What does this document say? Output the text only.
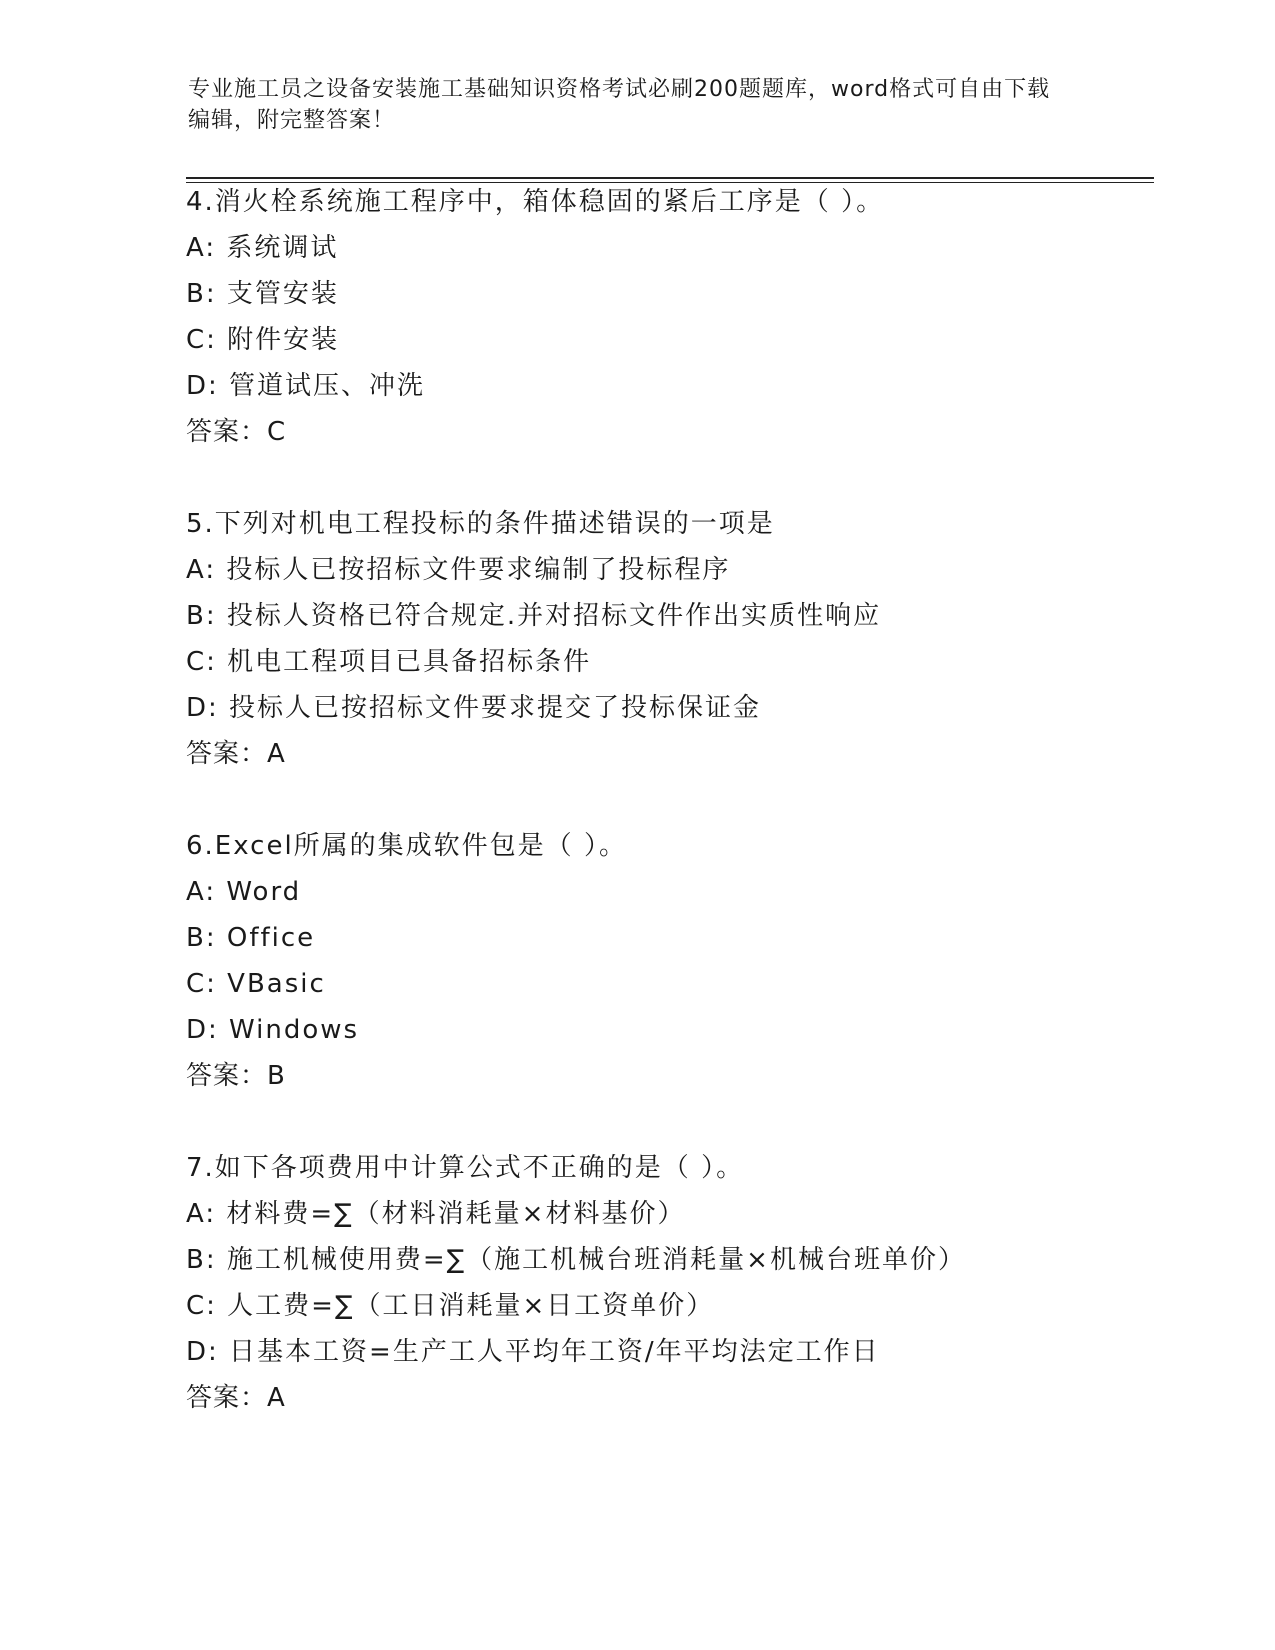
专业施工员之设备安装施工基础知识资格考试必刷200题题库，word格式可自由下载编辑，附完整答案！
4.消火栓系统施工程序中，箱体稳固的紧后工序是（ ）。
A: 系统调试
B: 支管安装
C: 附件安装
D: 管道试压、冲洗
答案：C
5.下列对机电工程投标的条件描述错误的一项是
A: 投标人已按招标文件要求编制了投标程序
B: 投标人资格已符合规定.并对招标文件作出实质性响应
C: 机电工程项目已具备招标条件
D: 投标人已按招标文件要求提交了投标保证金
答案：A
6.Excel所属的集成软件包是（ ）。
A: Word
B: Office
C: VBasic
D: Windows
答案：B
7.如下各项费用中计算公式不正确的是（ ）。
A: 材料费=∑（材料消耗量×材料基价）
B: 施工机械使用费=∑（施工机械台班消耗量×机械台班单价）
C: 人工费=∑（工日消耗量×日工资单价）
D: 日基本工资=生产工人平均年工资/年平均法定工作日
答案：A
